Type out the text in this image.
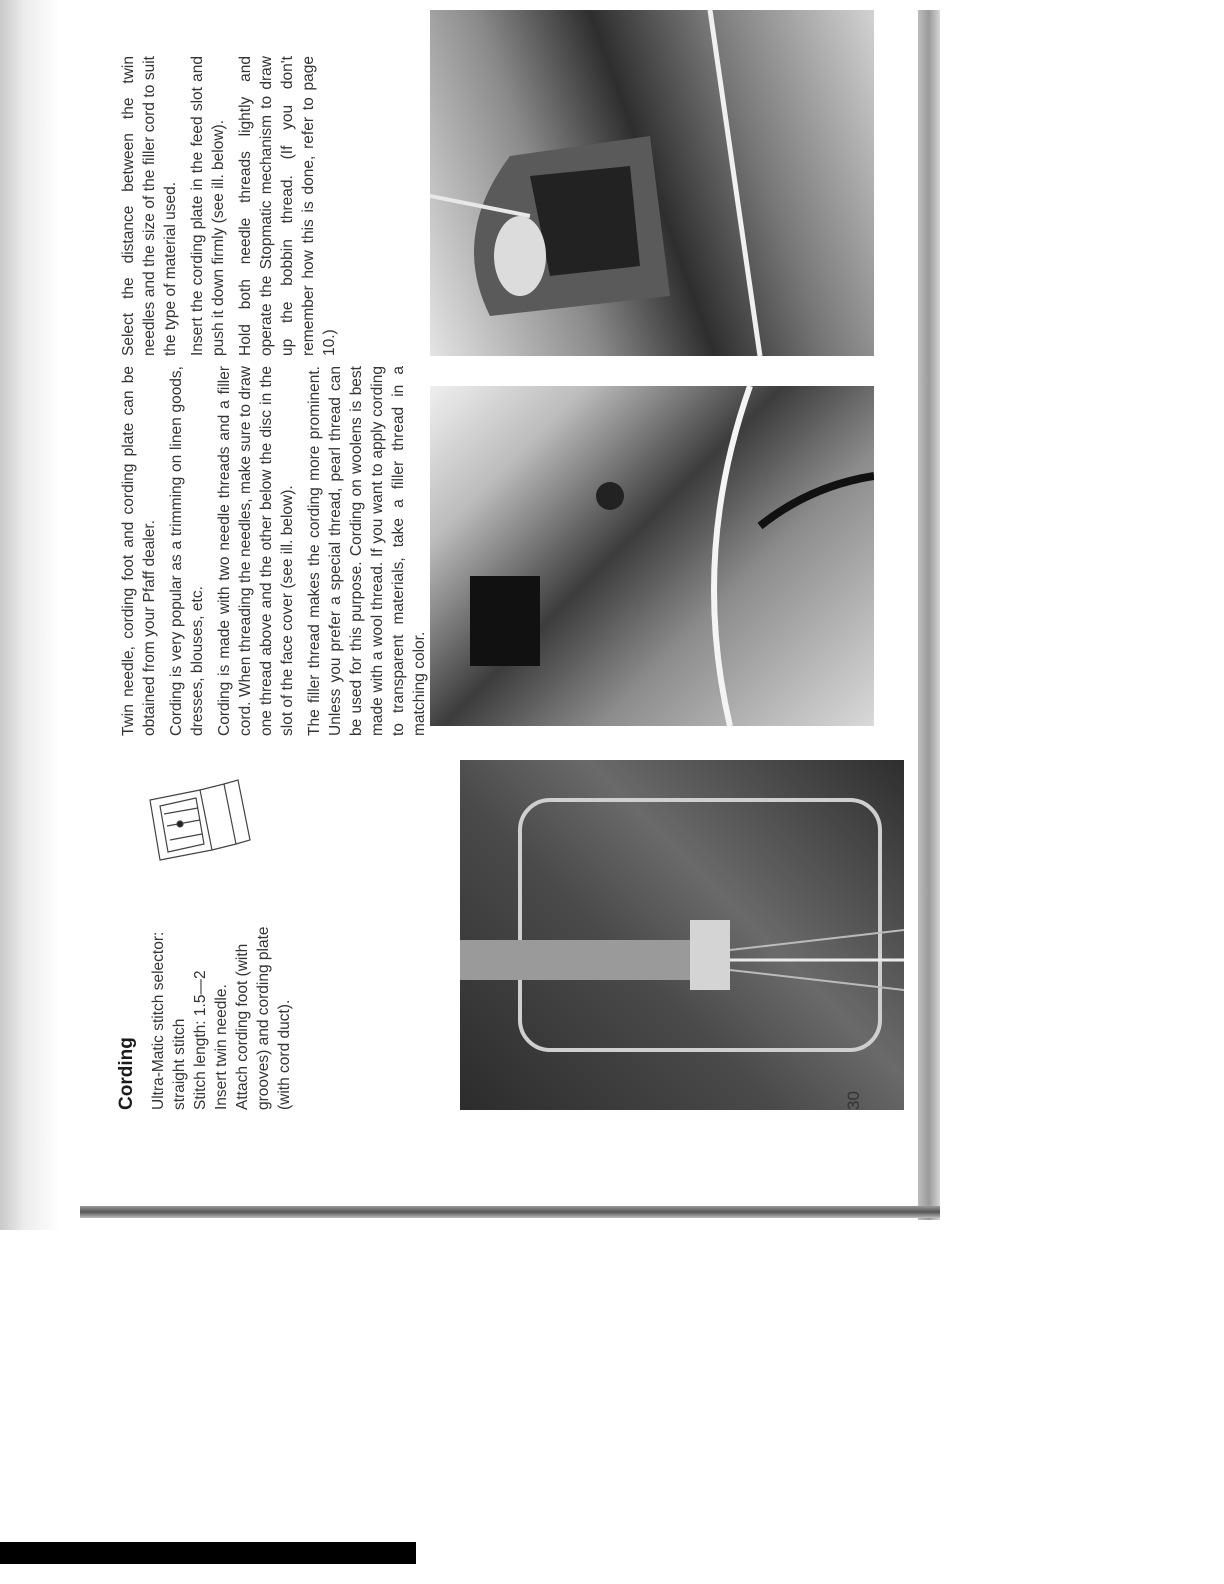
Cording Ultra-Matic stitch selector: straight stitch Stitch length: 1.5—2 Insert twin needle. Attach cording foot (with grooves) and cording plate (with cord duct).

Twin needle, cording foot and cording plate can be obtained from your Pfaff dealer. Cording is very popular as a trimming on linen goods, dresses, blouses, etc. Cording is made with two needle threads and a filler cord. When threading the needles, make sure to draw one thread above and the other below the disc in the slot of the face cover (see ill. below). The filler thread makes the cording more prominent. Unless you prefer a special thread, pearl thread can be used for this purpose. Cording on woolens is best made with a wool thread. If you want to apply cording to transparent materials, take a filler thread in a matching color.

Select the distance between the twin needles and the size of the filler cord to suit the type of material used. Insert the cording plate in the feed slot and push it down firmly (see ill. below). Hold both needle threads lightly and operate the Stopmatic mechanism to draw up the bobbin thread. (If you don't remember how this is done, refer to page 10.)

30
